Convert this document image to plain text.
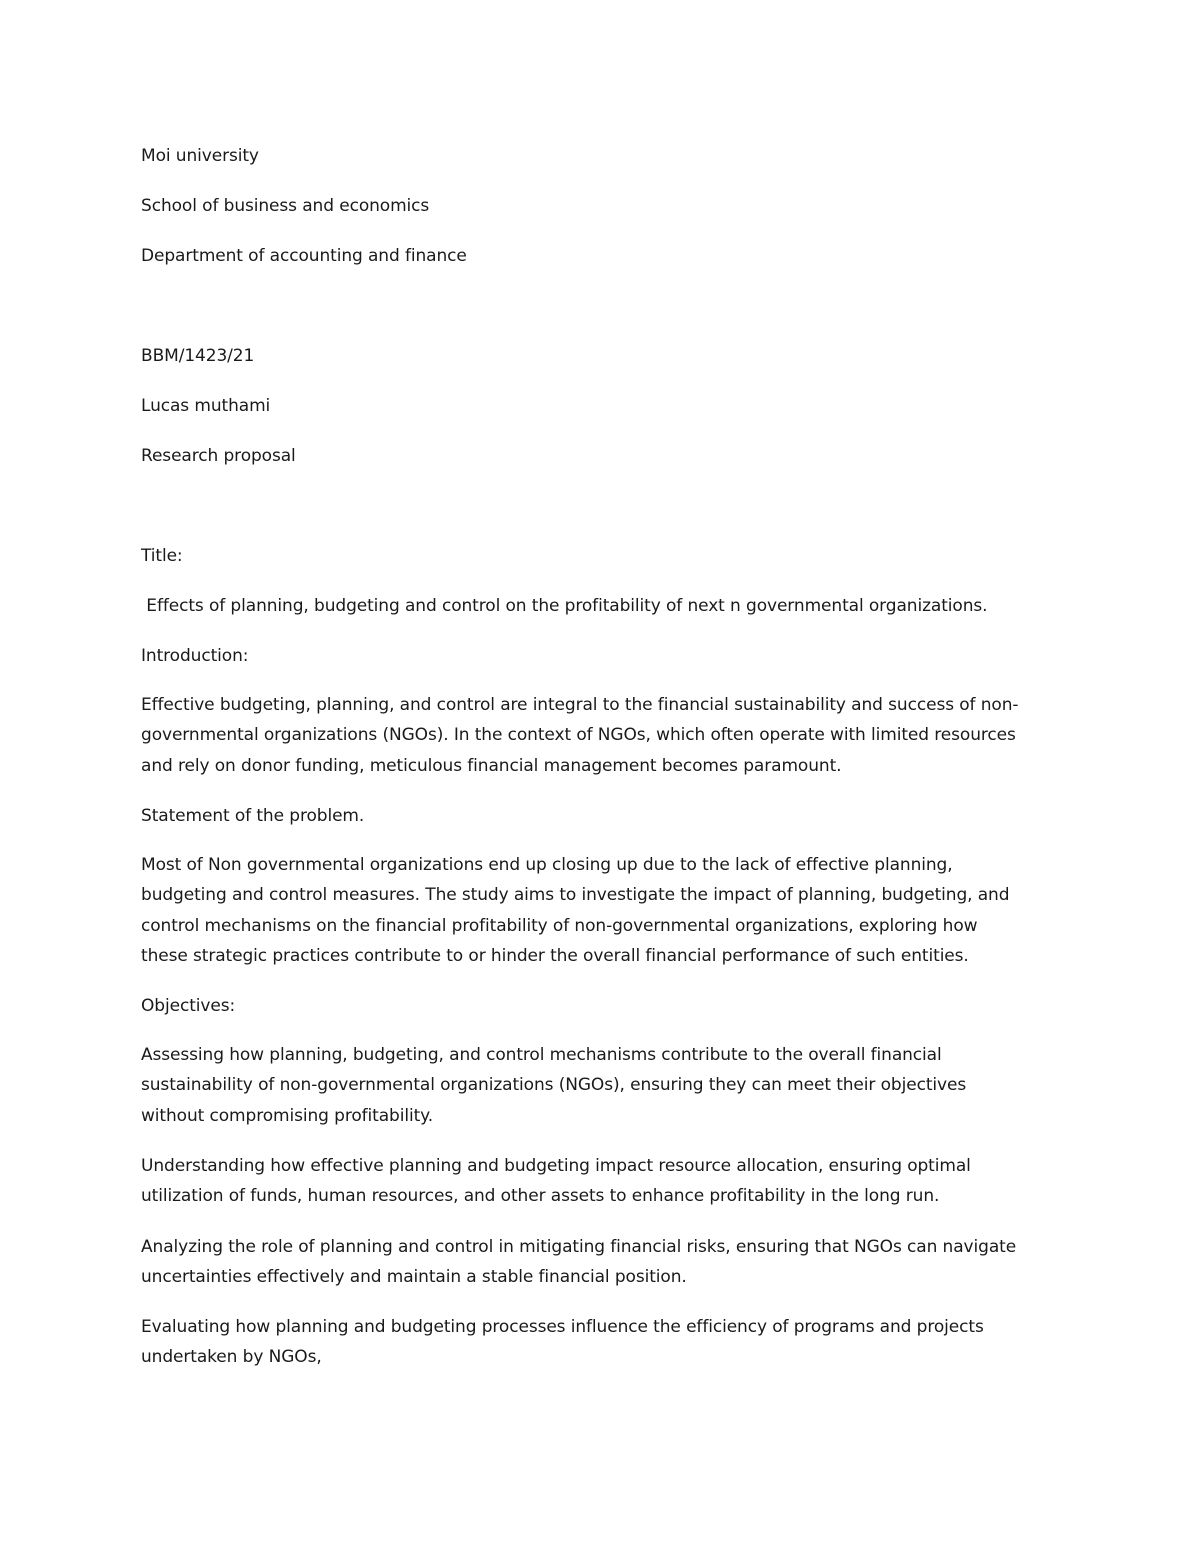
Moi university

School of business and economics

Department of accounting and finance

BBM/1423/21

Lucas muthami

Research proposal

Title:

Effects of planning, budgeting and control on the profitability of next n governmental organizations.

Introduction:

Effective budgeting, planning, and control are integral to the financial sustainability and success of non-
governmental organizations (NGOs). In the context of NGOs, which often operate with limited resources
and rely on donor funding, meticulous financial management becomes paramount.

Statement of the problem.

Most of Non governmental organizations end up closing up due to the lack of effective planning,
budgeting and control measures. The study aims to investigate the impact of planning, budgeting, and
control mechanisms on the financial profitability of non-governmental organizations, exploring how
these strategic practices contribute to or hinder the overall financial performance of such entities.

Objectives:

Assessing how planning, budgeting, and control mechanisms contribute to the overall financial
sustainability of non-governmental organizations (NGOs), ensuring they can meet their objectives
without compromising profitability.
Understanding how effective planning and budgeting impact resource allocation, ensuring optimal
utilization of funds, human resources, and other assets to enhance profitability in the long run.
Analyzing the role of planning and control in mitigating financial risks, ensuring that NGOs can navigate
uncertainties effectively and maintain a stable financial position.
Evaluating how planning and budgeting processes influence the efficiency of programs and projects
undertaken by NGOs,
